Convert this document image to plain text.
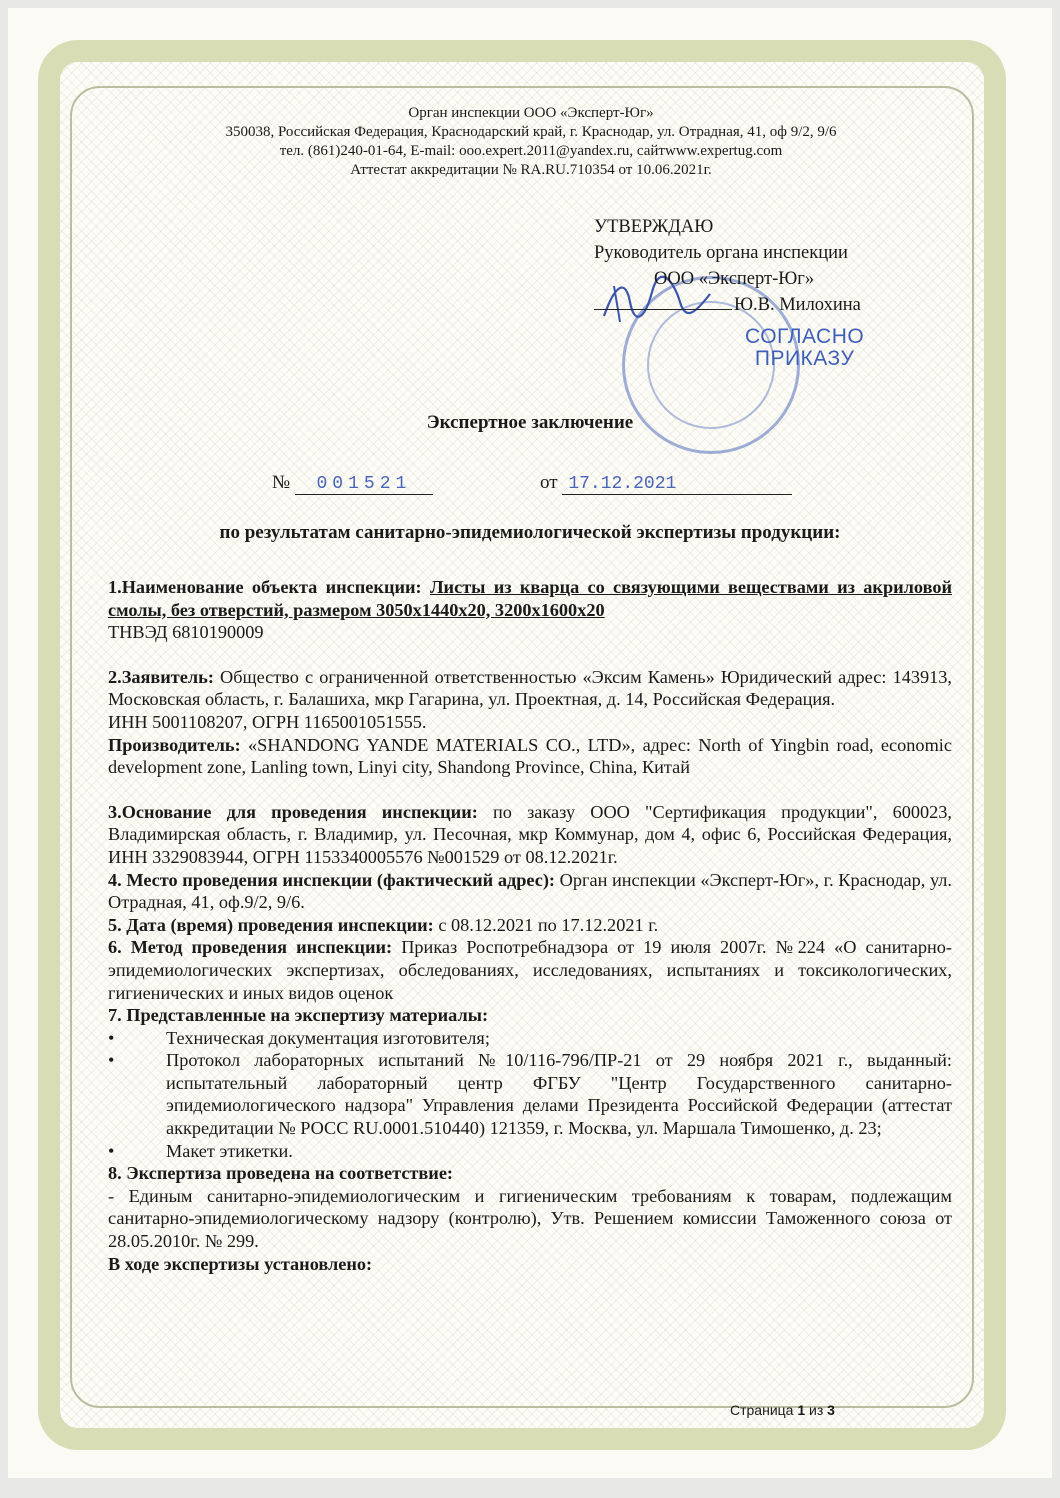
Орган инспекции ООО «Эксперт-Юг»
350038, Российская Федерация, Краснодарский край, г. Краснодар, ул. Отрадная, 41, оф 9/2, 9/6
тел. (861)240-01-64, E-mail: ooo.expert.2011@yandex.ru, сайтwww.expertug.com
Аттестат аккредитации № RA.RU.710354 от 10.06.2021г.
УТВЕРЖДАЮ
Руководитель органа инспекции
ООО «Эксперт-Юг»
Ю.В. Милохина
СОГЛАСНО
ПРИКАЗУ
Экспертное заключение
№ 001521	от 17.12.2021
по результатам санитарно-эпидемиологической экспертизы продукции:

1.Наименование объекта инспекции: Листы из кварца со связующими веществами из акриловой смолы, без отверстий, размером 3050x1440x20, 3200x1600x20

ТНВЭД 6810190009

2.Заявитель: Общество с ограниченной ответственностью «Эксим Камень» Юридический адрес: 143913, Московская область, г. Балашиха, мкр Гагарина, ул. Проектная, д. 14, Российская Федерация.

ИНН 5001108207, ОГРН 1165001051555.

Производитель: «SHANDONG YANDE MATERIALS CO., LTD», адрес: North of Yingbin road, economic development zone, Lanling town, Linyi city, Shandong Province, China, Китай

3.Основание для проведения инспекции: по заказу ООО "Сертификация продукции", 600023, Владимирская область, г. Владимир, ул. Песочная, мкр Коммунар, дом 4, офис 6, Российская Федерация, ИНН 3329083944, ОГРН 1153340005576 №001529 от 08.12.2021г.

4. Место проведения инспекции (фактический адрес): Орган инспекции «Эксперт-Юг», г. Краснодар, ул. Отрадная, 41, оф.9/2, 9/6.

5. Дата (время) проведения инспекции: с 08.12.2021 по 17.12.2021 г.

6. Метод проведения инспекции: Приказ Роспотребнадзора от 19 июля 2007г. №224 «О санитарно-эпидемиологических экспертизах, обследованиях, исследованиях, испытаниях и токсикологических, гигиенических и иных видов оценок

7. Представленные на экспертизу материалы:

•	Техническая документация изготовителя;
•	Протокол лабораторных испытаний №10/116-796/ПР-21 от 29 ноября 2021 г., выданный: испытательный лабораторный центр ФГБУ "Центр Государственного санитарно-эпидемиологического надзора" Управления делами Президента Российской Федерации (аттестат аккредитации № РОСС RU.0001.510440) 121359, г. Москва, ул. Маршала Тимошенко, д. 23;
•	Макет этикетки.

8. Экспертиза проведена на соответствие:

- Единым санитарно-эпидемиологическим и гигиеническим требованиям к товарам, подлежащим санитарно-эпидемиологическому надзору (контролю), Утв. Решением комиссии Таможенного союза от 28.05.2010г. № 299.

В ходе экспертизы установлено:

Страница 1 из 3
